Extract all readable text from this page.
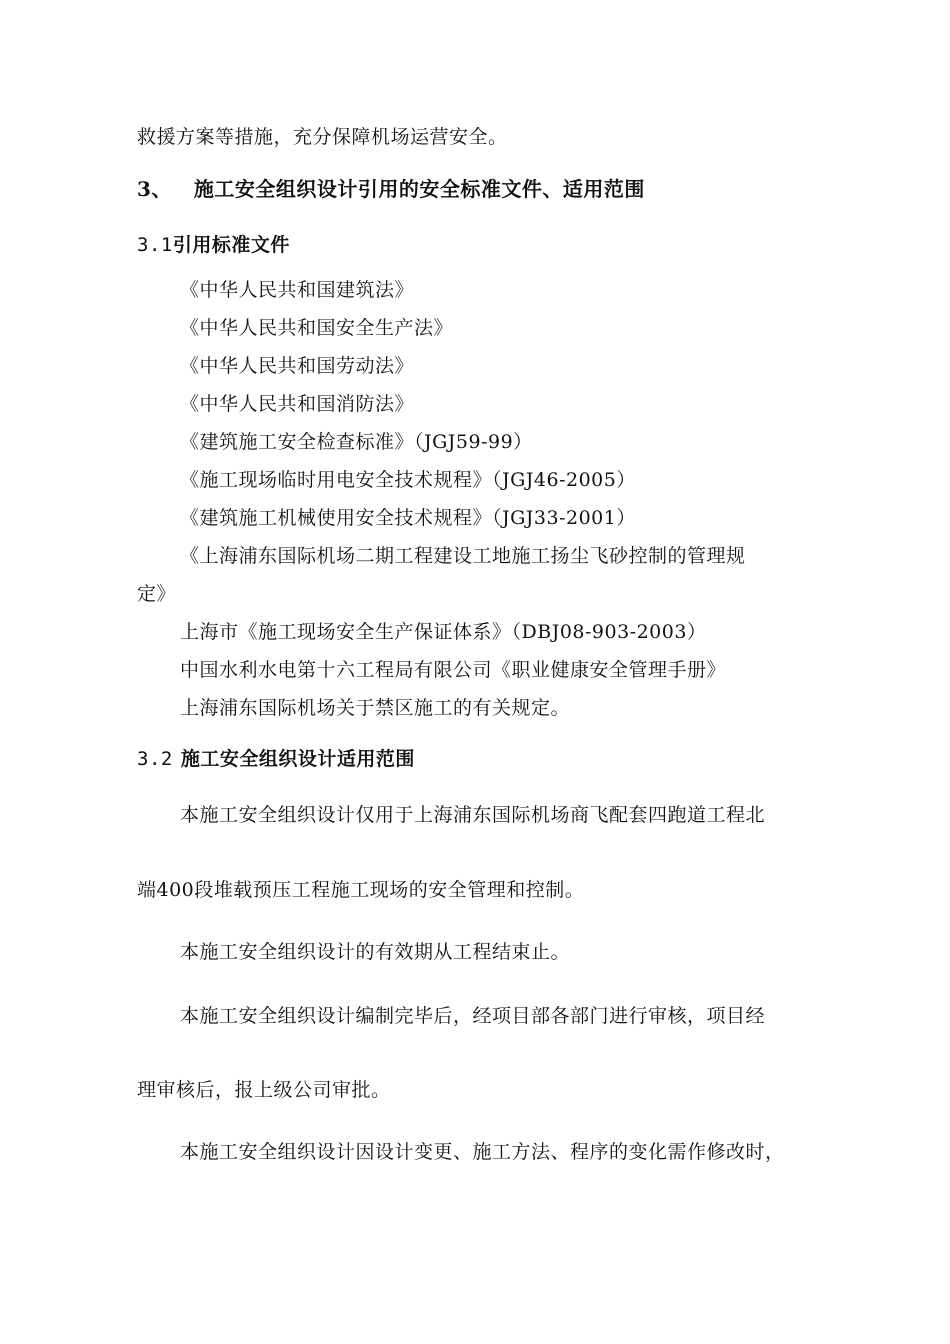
救援方案等措施，充分保障机场运营安全。
3、 施工安全组织设计引用的安全标准文件、适用范围
3.1引用标准文件
《中华人民共和国建筑法》
《中华人民共和国安全生产法》
《中华人民共和国劳动法》
《中华人民共和国消防法》
《建筑施工安全检查标准》（JGJ59-99）
《施工现场临时用电安全技术规程》（JGJ46-2005）
《建筑施工机械使用安全技术规程》（JGJ33-2001）
《上海浦东国际机场二期工程建设工地施工扬尘飞砂控制的管理规
定》
上海市《施工现场安全生产保证体系》（DBJ08-903-2003）
中国水利水电第十六工程局有限公司《职业健康安全管理手册》
上海浦东国际机场关于禁区施工的有关规定。
3.2 施工安全组织设计适用范围
本施工安全组织设计仅用于上海浦东国际机场商飞配套四跑道工程北
端400段堆载预压工程施工现场的安全管理和控制。
本施工安全组织设计的有效期从工程结束止。
本施工安全组织设计编制完毕后，经项目部各部门进行审核，项目经
理审核后，报上级公司审批。
本施工安全组织设计因设计变更、施工方法、程序的变化需作修改时，
